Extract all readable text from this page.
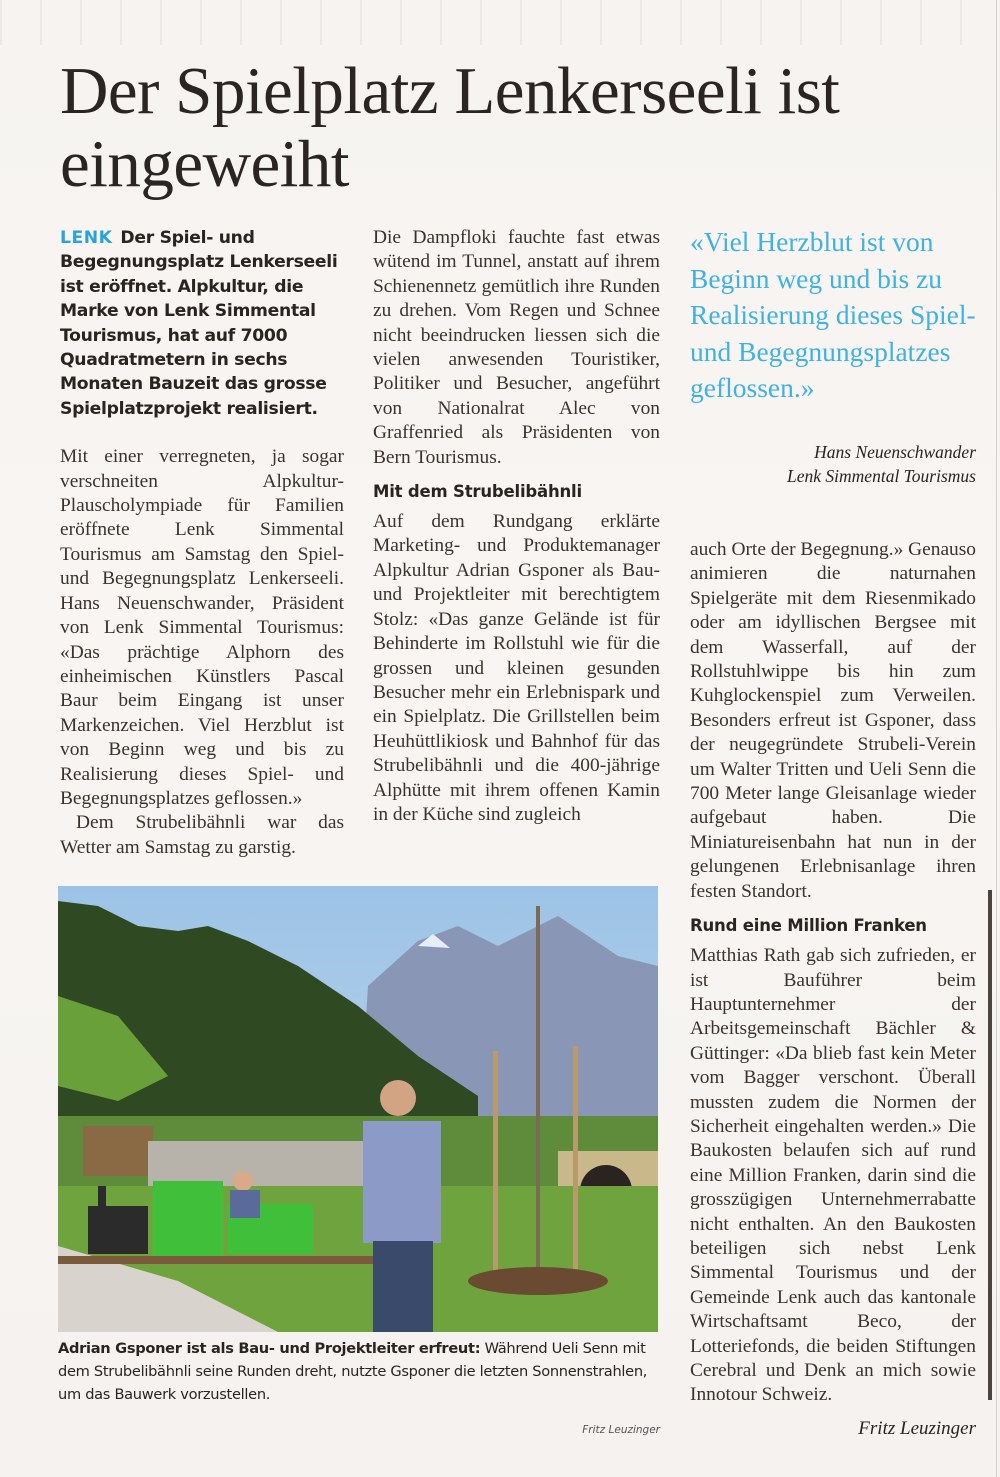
Der Spielplatz Lenkerseeli ist eingeweiht

LENK Der Spiel- und Begegnungsplatz Lenkerseeli ist eröffnet. Alpkultur, die Marke von Lenk Simmental Tourismus, hat auf 7000 Quadratmetern in sechs Monaten Bauzeit das grosse Spielplatzprojekt realisiert.

Mit einer verregneten, ja sogar verschneiten Alpkultur-Plauscholympiade für Familien eröffnete Lenk Simmental Tourismus am Samstag den Spiel- und Begegnungsplatz Lenkerseeli. Hans Neuenschwander, Präsident von Lenk Simmental Tourismus: «Das prächtige Alphorn des einheimischen Künstlers Pascal Baur beim Eingang ist unser Markenzeichen. Viel Herzblut ist von Beginn weg und bis zu Realisierung dieses Spiel- und Begegnungsplatzes geflossen.»

Dem Strubelibähnli war das Wetter am Samstag zu garstig.

Die Dampfloki fauchte fast etwas wütend im Tunnel, anstatt auf ihrem Schienennetz gemütlich ihre Runden zu drehen. Vom Regen und Schnee nicht beeindrucken liessen sich die vielen anwesenden Touristiker, Politiker und Besucher, angeführt von Nationalrat Alec von Graffenried als Präsidenten von Bern Tourismus.

Mit dem Strubelibähnli

Auf dem Rundgang erklärte Marketing- und Produktemanager Alpkultur Adrian Gsponer als Bau- und Projektleiter mit berechtigtem Stolz: «Das ganze Gelände ist für Behinderte im Rollstuhl wie für die grossen und kleinen gesunden Besucher mehr ein Erlebnispark und ein Spielplatz. Die Grillstellen beim Heuhüttlikiosk und Bahnhof für das Strubelibähnli und die 400-jährige Alphütte mit ihrem offenen Kamin in der Küche sind zugleich

«Viel Herzblut ist von Beginn weg und bis zu Realisierung dieses Spiel- und Begegnungsplatzes geflossen.»
Hans Neuenschwander
Lenk Simmental Tourismus

auch Orte der Begegnung.» Genauso animieren die naturnahen Spielgeräte mit dem Riesenmikado oder am idyllischen Bergsee mit dem Wasserfall, auf der Rollstuhlwippe bis hin zum Kuhglockenspiel zum Verweilen. Besonders erfreut ist Gsponer, dass der neugegründete Strubeli-Verein um Walter Tritten und Ueli Senn die 700 Meter lange Gleisanlage wieder aufgebaut haben. Die Miniatureisenbahn hat nun in der gelungenen Erlebnisanlage ihren festen Standort.

Rund eine Million Franken

Matthias Rath gab sich zufrieden, er ist Bauführer beim Hauptunternehmer der Arbeitsgemeinschaft Bächler & Güttinger: «Da blieb fast kein Meter vom Bagger verschont. Überall mussten zudem die Normen der Sicherheit eingehalten werden.» Die Baukosten belaufen sich auf rund eine Million Franken, darin sind die grosszügigen Unternehmerrabatte nicht enthalten. An den Baukosten beteiligen sich nebst Lenk Simmental Tourismus und der Gemeinde Lenk auch das kantonale Wirtschaftsamt Beco, der Lotteriefonds, die beiden Stiftungen Cerebral und Denk an mich sowie Innotour Schweiz.

Adrian Gsponer ist als Bau- und Projektleiter erfreut: Während Ueli Senn mit dem Strubelibähnli seine Runden dreht, nutzte Gsponer die letzten Sonnenstrahlen, um das Bauwerk vorzustellen.
Fritz Leuzinger	Fritz Leuzinger
